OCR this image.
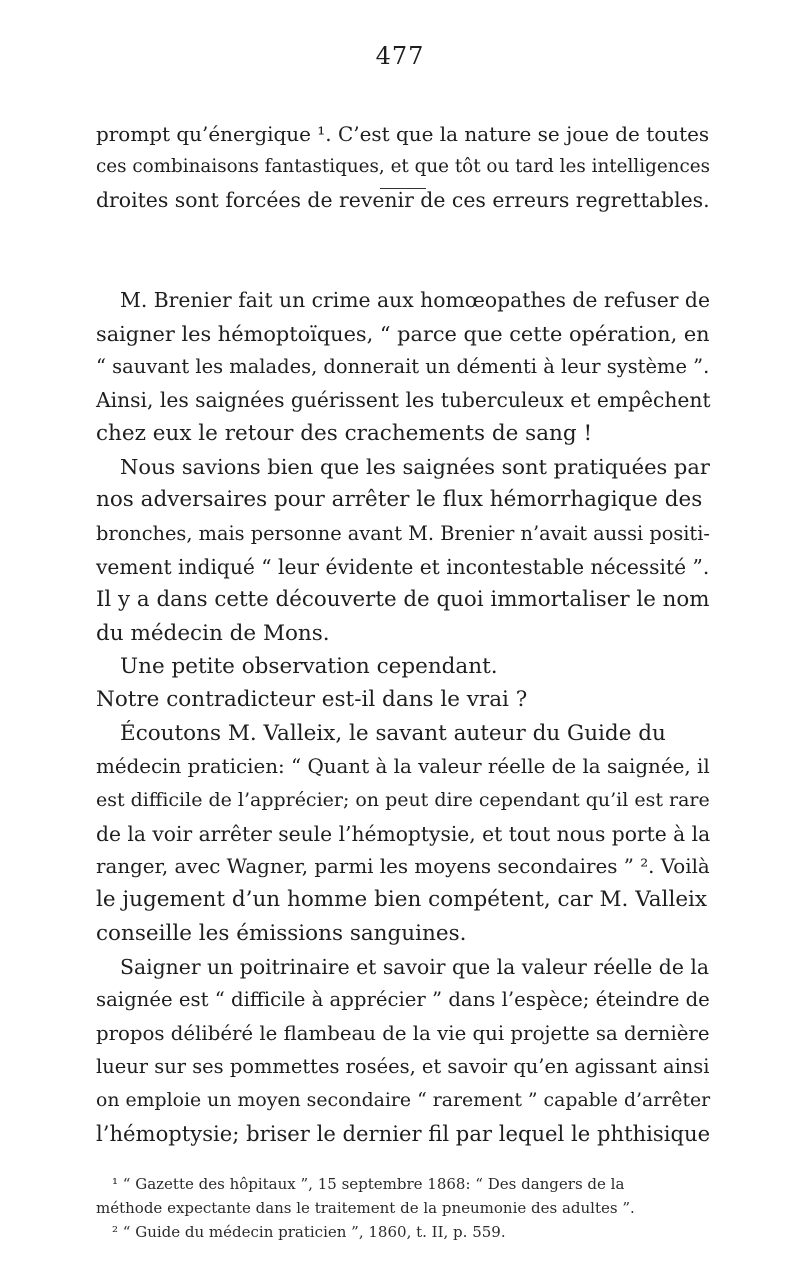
477
prompt qu’énergique ¹. C’est que la nature se joue de toutes
ces combinaisons fantastiques, et que tôt ou tard les intelligences
droites sont forcées de revenir de ces erreurs regrettables.
M. Brenier fait un crime aux homœopathes de refuser de
saigner les hémoptoïques, “ parce que cette opération, en
“ sauvant les malades, donnerait un démenti à leur système ”.
Ainsi, les saignées guérissent les tuberculeux et empêchent
chez eux le retour des crachements de sang !
Nous savions bien que les saignées sont pratiquées par
nos adversaires pour arrêter le flux hémorrhagique des
bronches, mais personne avant M. Brenier n’avait aussi positi-
vement indiqué “ leur évidente et incontestable nécessité ”.
Il y a dans cette découverte de quoi immortaliser le nom
du médecin de Mons.
Une petite observation cependant.
Notre contradicteur est-il dans le vrai ?
Écoutons M. Valleix, le savant auteur du Guide du
médecin praticien: “ Quant à la valeur réelle de la saignée, il
est difficile de l’apprécier; on peut dire cependant qu’il est rare
de la voir arrêter seule l’hémoptysie, et tout nous porte à la
ranger, avec Wagner, parmi les moyens secondaires ” ². Voilà
le jugement d’un homme bien compétent, car M. Valleix
conseille les émissions sanguines.
Saigner un poitrinaire et savoir que la valeur réelle de la
saignée est “ difficile à apprécier ” dans l’espèce; éteindre de
propos délibéré le flambeau de la vie qui projette sa dernière
lueur sur ses pommettes rosées, et savoir qu’en agissant ainsi
on emploie un moyen secondaire “ rarement ” capable d’arrêter
l’hémoptysie; briser le dernier fil par lequel le phthisique
¹ “ Gazette des hôpitaux ”, 15 septembre 1868: “ Des dangers de la
méthode expectante dans le traitement de la pneumonie des adultes ”.
² “ Guide du médecin praticien ”, 1860, t. II, p. 559.
